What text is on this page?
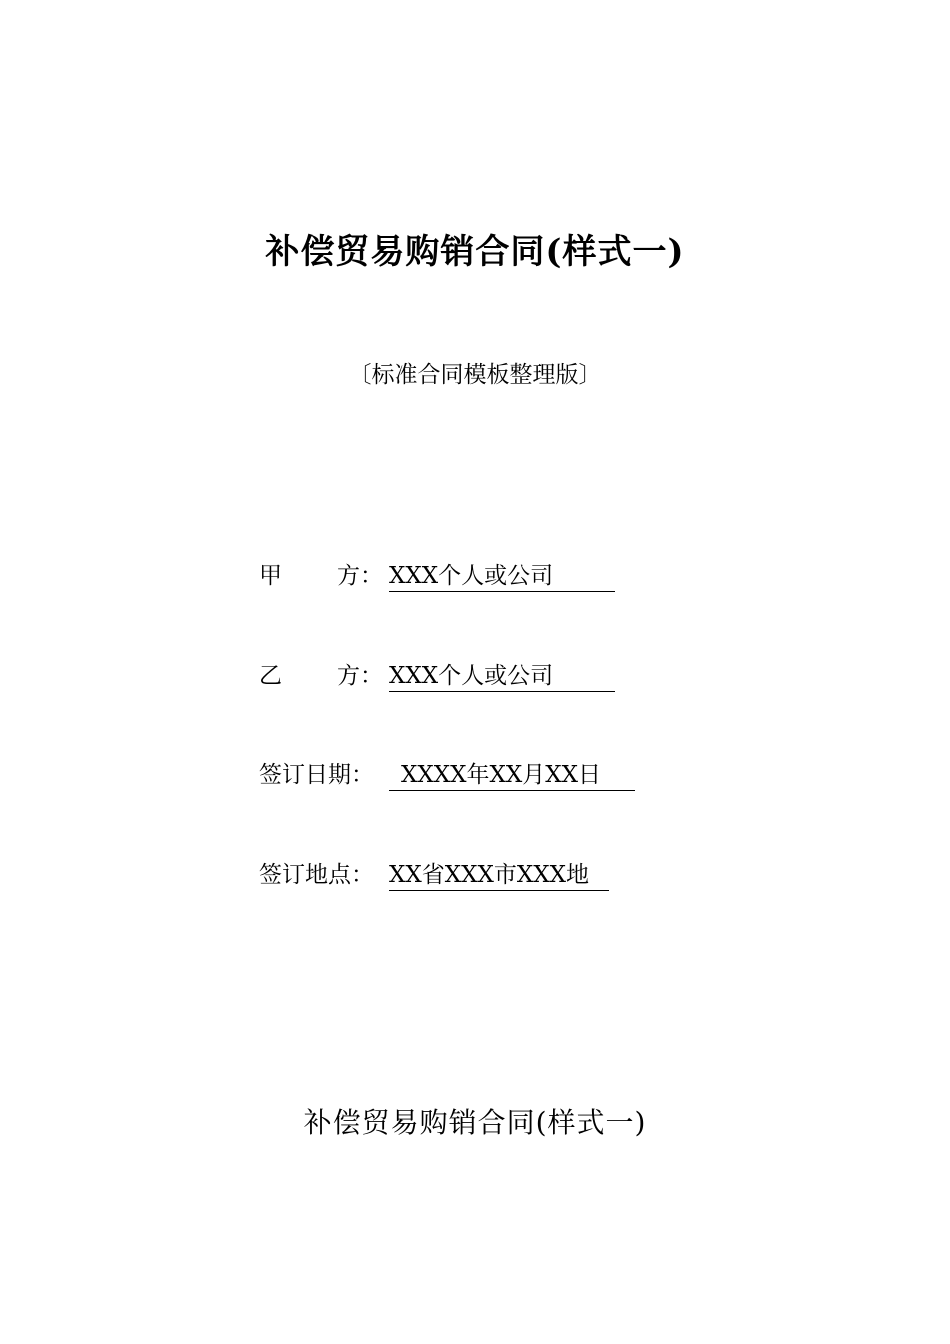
补偿贸易购销合同(样式一)
〔标准合同模板整理版〕
甲 方： XXX个人或公司
乙 方： XXX个人或公司
签订日期： XXXX年XX月XX日
签订地点： XX省XXX市XXX地
补偿贸易购销合同(样式一)
